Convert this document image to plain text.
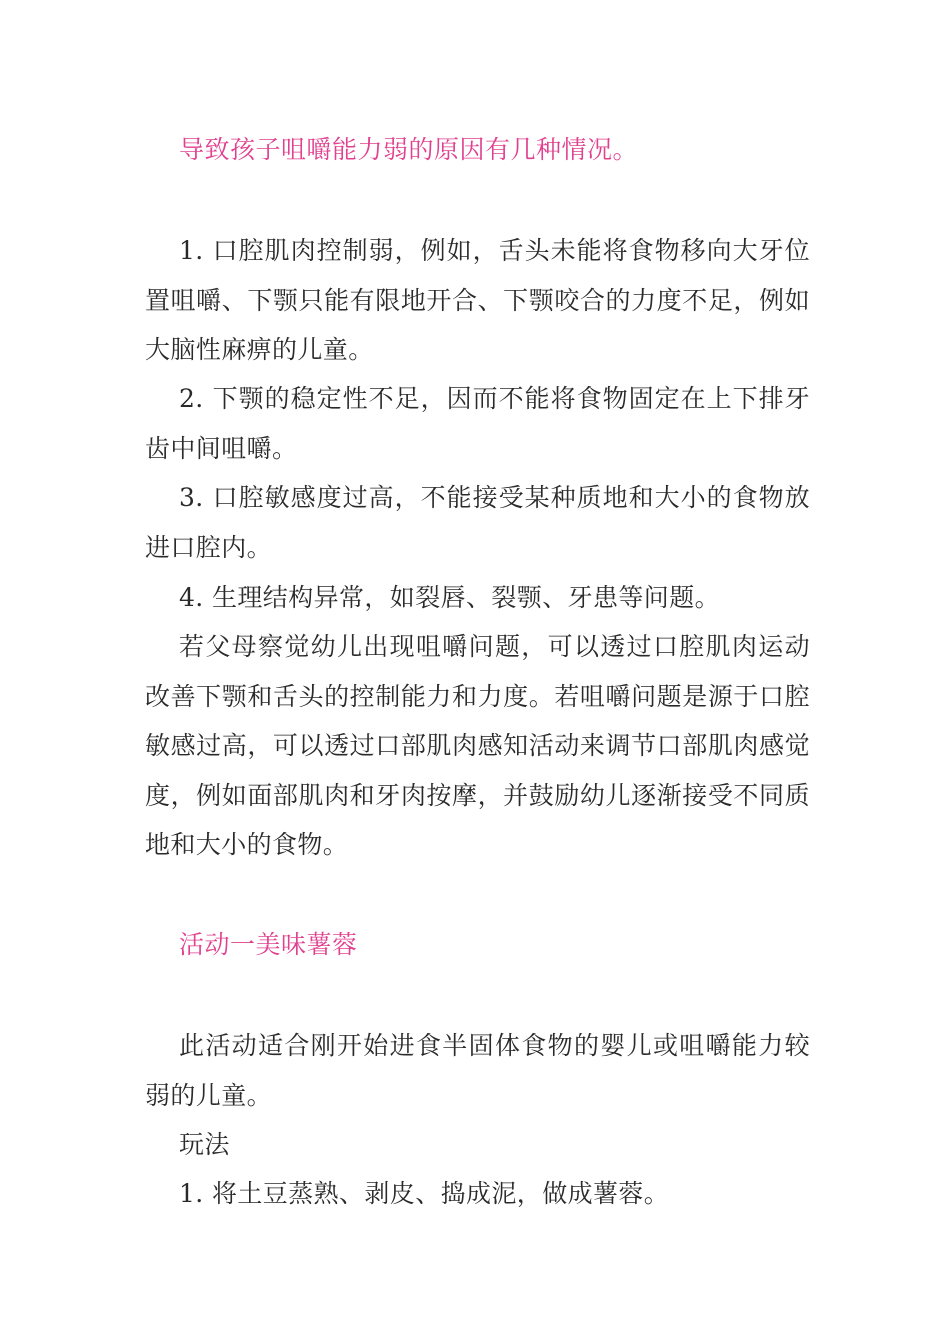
导致孩子咀嚼能力弱的原因有几种情况。

1. 口腔肌肉控制弱，例如，舌头未能将食物移向大牙位置咀嚼、下颚只能有限地开合、下颚咬合的力度不足，例如大脑性麻痹的儿童。

2. 下颚的稳定性不足，因而不能将食物固定在上下排牙齿中间咀嚼。

3. 口腔敏感度过高，不能接受某种质地和大小的食物放进口腔内。

4. 生理结构异常，如裂唇、裂颚、牙患等问题。

若父母察觉幼儿出现咀嚼问题，可以透过口腔肌肉运动改善下颚和舌头的控制能力和力度。若咀嚼问题是源于口腔敏感过高，可以透过口部肌肉感知活动来调节口部肌肉感觉度，例如面部肌肉和牙肉按摩，并鼓励幼儿逐渐接受不同质地和大小的食物。

活动一美味薯蓉

此活动适合刚开始进食半固体食物的婴儿或咀嚼能力较弱的儿童。

玩法

1. 将土豆蒸熟、剥皮、捣成泥，做成薯蓉。
